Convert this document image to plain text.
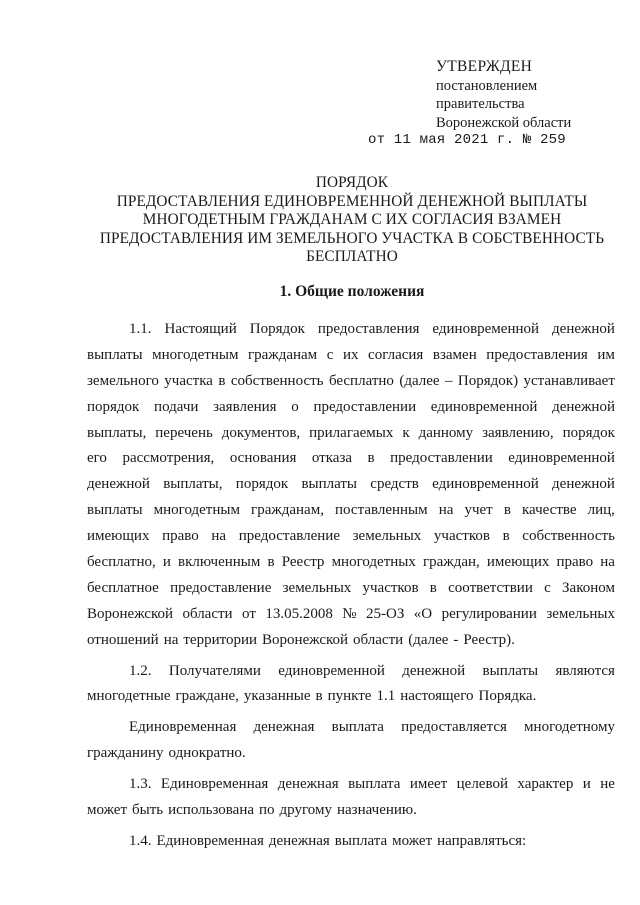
УТВЕРЖДЕН
постановлением
правительства
Воронежской области
от 11 мая 2021 г. № 259
ПОРЯДОК
ПРЕДОСТАВЛЕНИЯ ЕДИНОВРЕМЕННОЙ ДЕНЕЖНОЙ ВЫПЛАТЫ
МНОГОДЕТНЫМ ГРАЖДАНАМ С ИХ СОГЛАСИЯ ВЗАМЕН
ПРЕДОСТАВЛЕНИЯ ИМ ЗЕМЕЛЬНОГО УЧАСТКА В СОБСТВЕННОСТЬ
БЕСПЛАТНО
1. Общие положения
1.1. Настоящий Порядок предоставления единовременной денежной
выплаты многодетным гражданам с их согласия взамен предоставления им
земельного участка в собственность бесплатно (далее – Порядок) устанавливает
порядок подачи заявления о предоставлении единовременной денежной
выплаты, перечень документов, прилагаемых к данному заявлению, порядок
его рассмотрения, основания отказа в предоставлении единовременной
денежной выплаты, порядок выплаты средств единовременной денежной
выплаты многодетным гражданам, поставленным на учет в качестве лиц,
имеющих право на предоставление земельных участков в собственность
бесплатно, и включенным в Реестр многодетных граждан, имеющих право на
бесплатное предоставление земельных участков в соответствии с Законом
Воронежской области от 13.05.2008 № 25-ОЗ «О регулировании земельных
отношений на территории Воронежской области (далее - Реестр).
1.2. Получателями единовременной денежной выплаты являются
многодетные граждане, указанные в пункте 1.1 настоящего Порядка.
Единовременная денежная выплата предоставляется многодетному
гражданину однократно.
1.3. Единовременная денежная выплата имеет целевой характер и не
может быть использована по другому назначению.
1.4. Единовременная денежная выплата может направляться:
